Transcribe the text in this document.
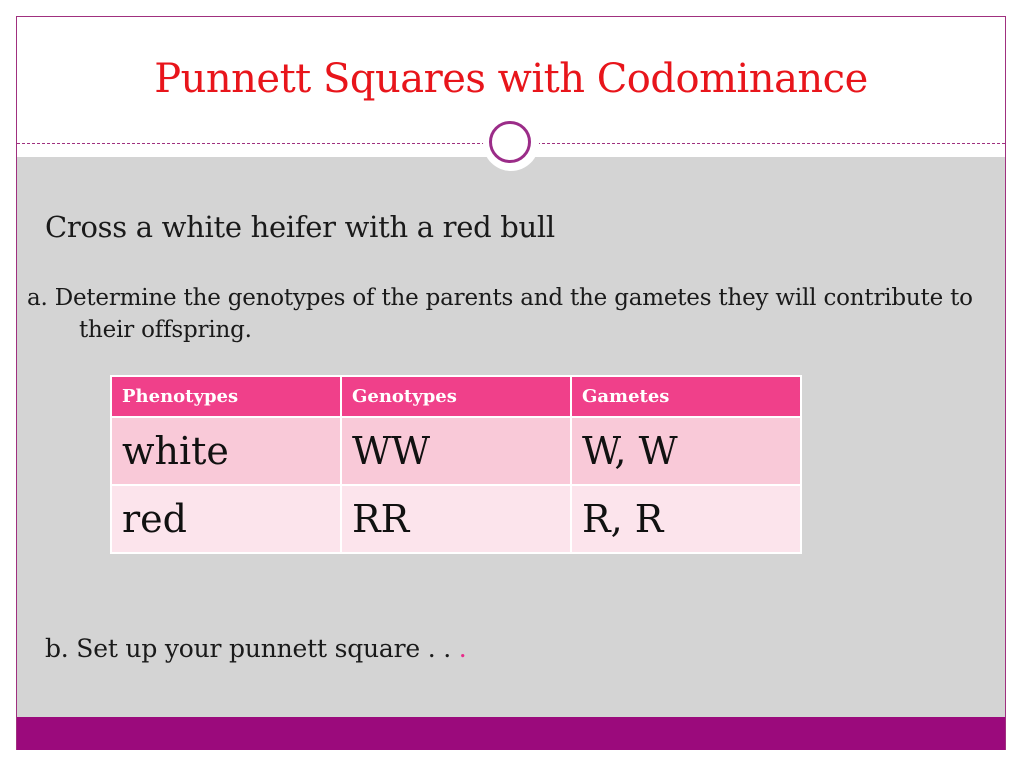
Punnett Squares with Codominance
Cross a white heifer with a red bull
a. Determine the genotypes of the parents and the gametes they will contribute to their offspring.
Phenotypes	Genotypes	Gametes
white	WW	W, W
red	RR	R, R
b. Set up your punnett square . . .
